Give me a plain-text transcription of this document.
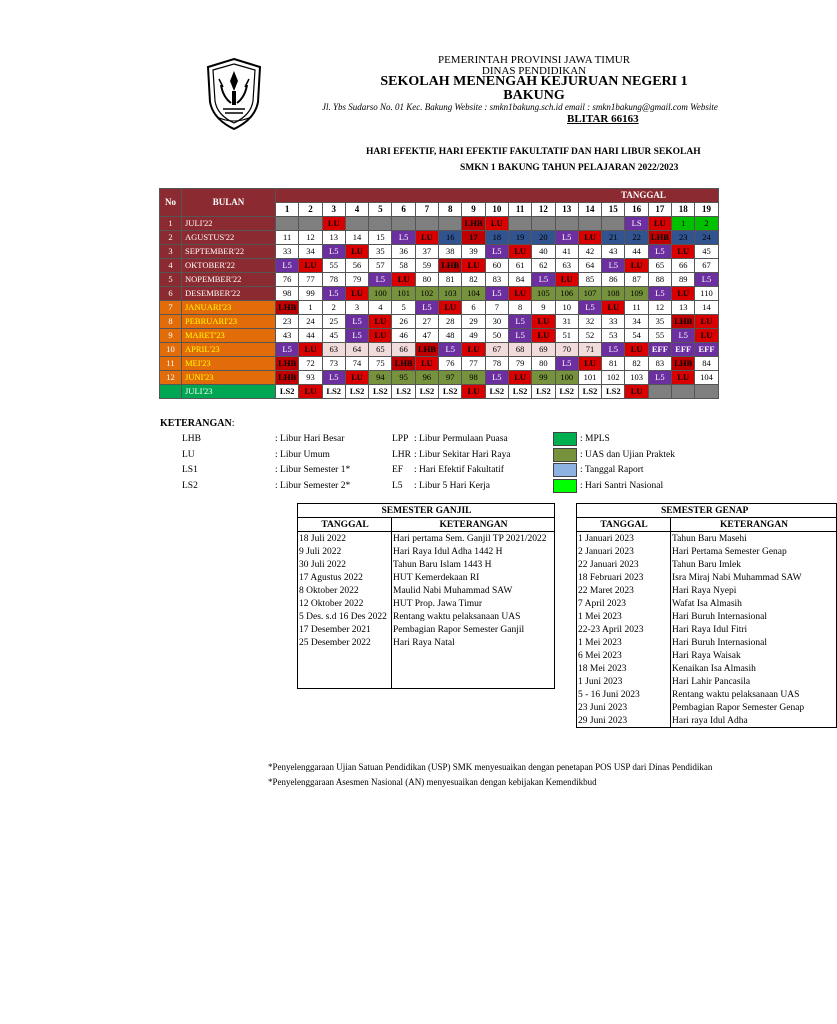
PEMERINTAH PROVINSI JAWA TIMUR
DINAS PENDIDIKAN
SEKOLAH MENENGAH KEJURUAN NEGERI 1
BAKUNG
Jl. Ybs Sudarso No. 01 Kec. Bakung Website : smkn1bakung.sch.id email : smkn1bakung@gmail.com Website
BLITAR 66163
HARI EFEKTIF, HARI EFEKTIF FAKULTATIF DAN HARI LIBUR SEKOLAH
SMKN 1 BAKUNG TAHUN PELAJARAN 2022/2023
No	BULAN	TANGGAL																		
		1	2	3	4	5	6	7	8	9	10	11	12	13	14	15	16	17	18	19
1	JULI'22			LU						LHB	LU						LS	LU	1	2
2	AGUSTUS'22	11	12	13	14	15	L5	LU	16	17	18	19	20	L5	LU	21	22	LHB	23	24
3	SEPTEMBER'22	33	34	L5	LU	35	36	37	38	39	L5	LU	40	41	42	43	44	L5	LU	45
4	OKTOBER'22	L5	LU	55	56	57	58	59	LHB	LU	60	61	62	63	64	L5	LU	65	66	67
5	NOPEMBER'22	76	77	78	79	L5	LU	80	81	82	83	84	L5	LU	85	86	87	88	89	L5
6	DESEMBER'22	98	99	L5	LU	100	101	102	103	104	L5	LU	105	106	107	108	109	L5	LU	110
7	JANUARI'23	LHB	1	2	3	4	5	L5	LU	6	7	8	9	10	L5	LU	11	12	13	14
8	PEBRUARI'23	23	24	25	L5	LU	26	27	28	29	30	L5	LU	31	32	33	34	35	LHB	LU
9	MARET'23	43	44	45	L5	LU	46	47	48	49	50	L5	LU	51	52	53	54	55	L5	LU
10	APRIL'23	L5	LU	63	64	65	66	LHB	L5	LU	67	68	69	70	71	L5	LU	EFF	EFF	EFF
11	MEI'23	LHB	72	73	74	75	LHB	LU	76	77	78	79	80	L5	LU	81	82	83	LHB	84
12	JUNI'23	LHB	93	L5	LU	94	95	96	97	98	L5	LU	99	100	101	102	103	L5	LU	104
	JULI'23	LS2	LU	LS2	LS2	LS2	LS2	LS2	LS2	LU	LS2	LS2	LS2	LS2	LS2	LS2	LU			
KETERANGAN:
LHB	: Libur Hari Besar
LU	: Libur Umum
LS1	: Libur Semester 1*
LS2	: Libur Semester 2*
LPP : Libur Permulaan Puasa
LHR : Libur Sekitar Hari Raya
EF : Hari Efektif Fakultatif
L5 : Libur 5 Hari Kerja
: MPLS
: UAS dan Ujian Praktek
: Tanggal Raport
: Hari Santri Nasional
SEMESTER GANJIL	
TANGGAL	KETERANGAN
18 Juli 2022	Hari pertama Sem. Ganjil TP 2021/2022
9 Juli 2022	Hari Raya Idul Adha 1442 H
30 Juli 2022	Tahun Baru Islam 1443 H
17 Agustus 2022	HUT Kemerdekaan RI
8 Oktober 2022	Maulid Nabi Muhammad SAW
12 Oktober 2022	HUT Prop. Jawa Timur
5 Des. s.d 16 Des 2022	Rentang waktu pelaksanaan UAS
17 Desember 2021	Pembagian Rapor Semester Ganjil
25 Desember 2022	Hari Raya Natal

SEMESTER GENAP	
TANGGAL	KETERANGAN
1 Januari 2023	Tahun Baru Masehi
2 Januari 2023	Hari Pertama Semester Genap
22 Januari 2023	Tahun Baru Imlek
18 Februari 2023	Isra Miraj Nabi Muhammad SAW
22 Maret 2023	Hari Raya Nyepi
7 April 2023	Wafat Isa Almasih
1 Mei 2023	Hari Buruh Internasional
22-23 April 2023	Hari Raya Idul Fitri
1 Mei 2023	Hari Buruh Internasional
6 Mei 2023	Hari Raya Waisak
18 Mei 2023	Kenaikan Isa Almasih
1 Juni 2023	Hari Lahir Pancasila
5 - 16 Juni 2023	Rentang waktu pelaksanaan UAS
23 Juni 2023	Pembagian Rapor Semester Genap
29 Juni 2023	Hari raya Idul Adha
*Penyelenggaraan Ujian Satuan Pendidikan (USP) SMK menyesuaikan dengan penetapan POS USP dari Dinas Pendidikan
*Penyelenggaraan Asesmen Nasional (AN) menyesuaikan dengan kebijakan Kemendikbud
